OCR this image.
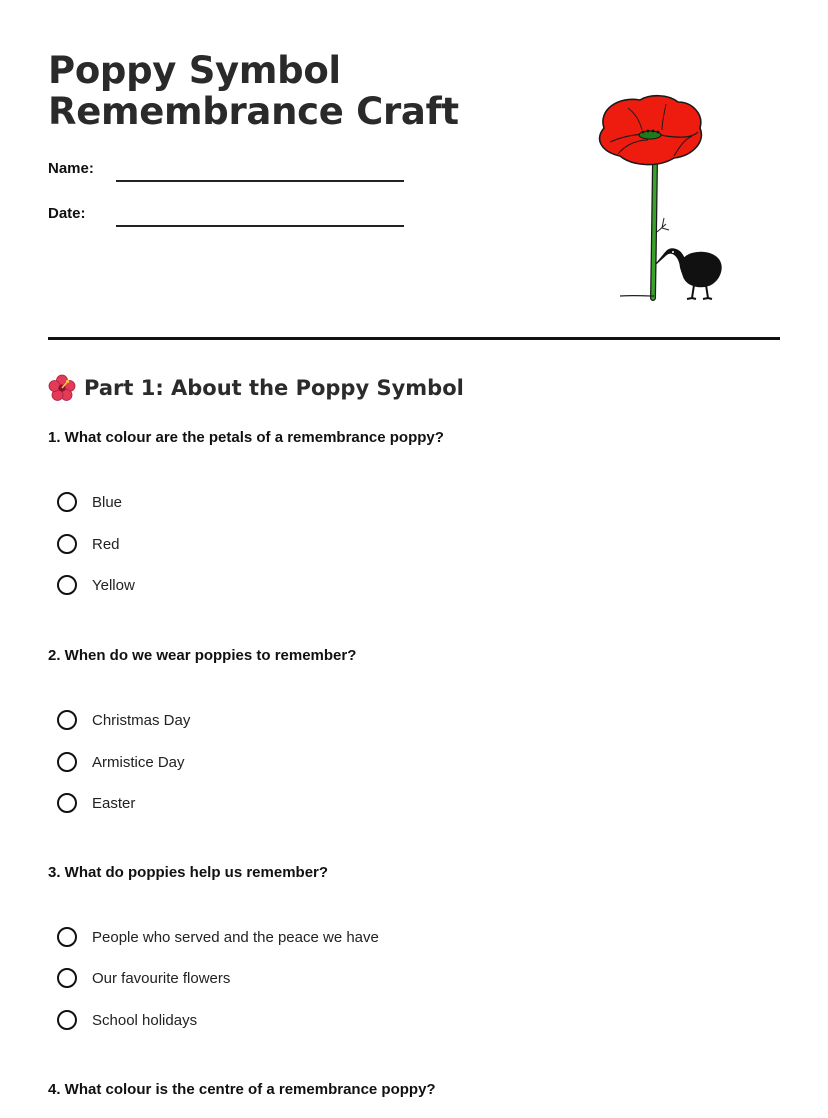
Poppy Symbol
Remembrance Craft
Name:
Date:
Part 1: About the Poppy Symbol
1. What colour are the petals of a remembrance poppy?
Blue
Red
Yellow
2. When do we wear poppies to remember?
Christmas Day
Armistice Day
Easter
3. What do poppies help us remember?
People who served and the peace we have
Our favourite flowers
School holidays
4. What colour is the centre of a remembrance poppy?
